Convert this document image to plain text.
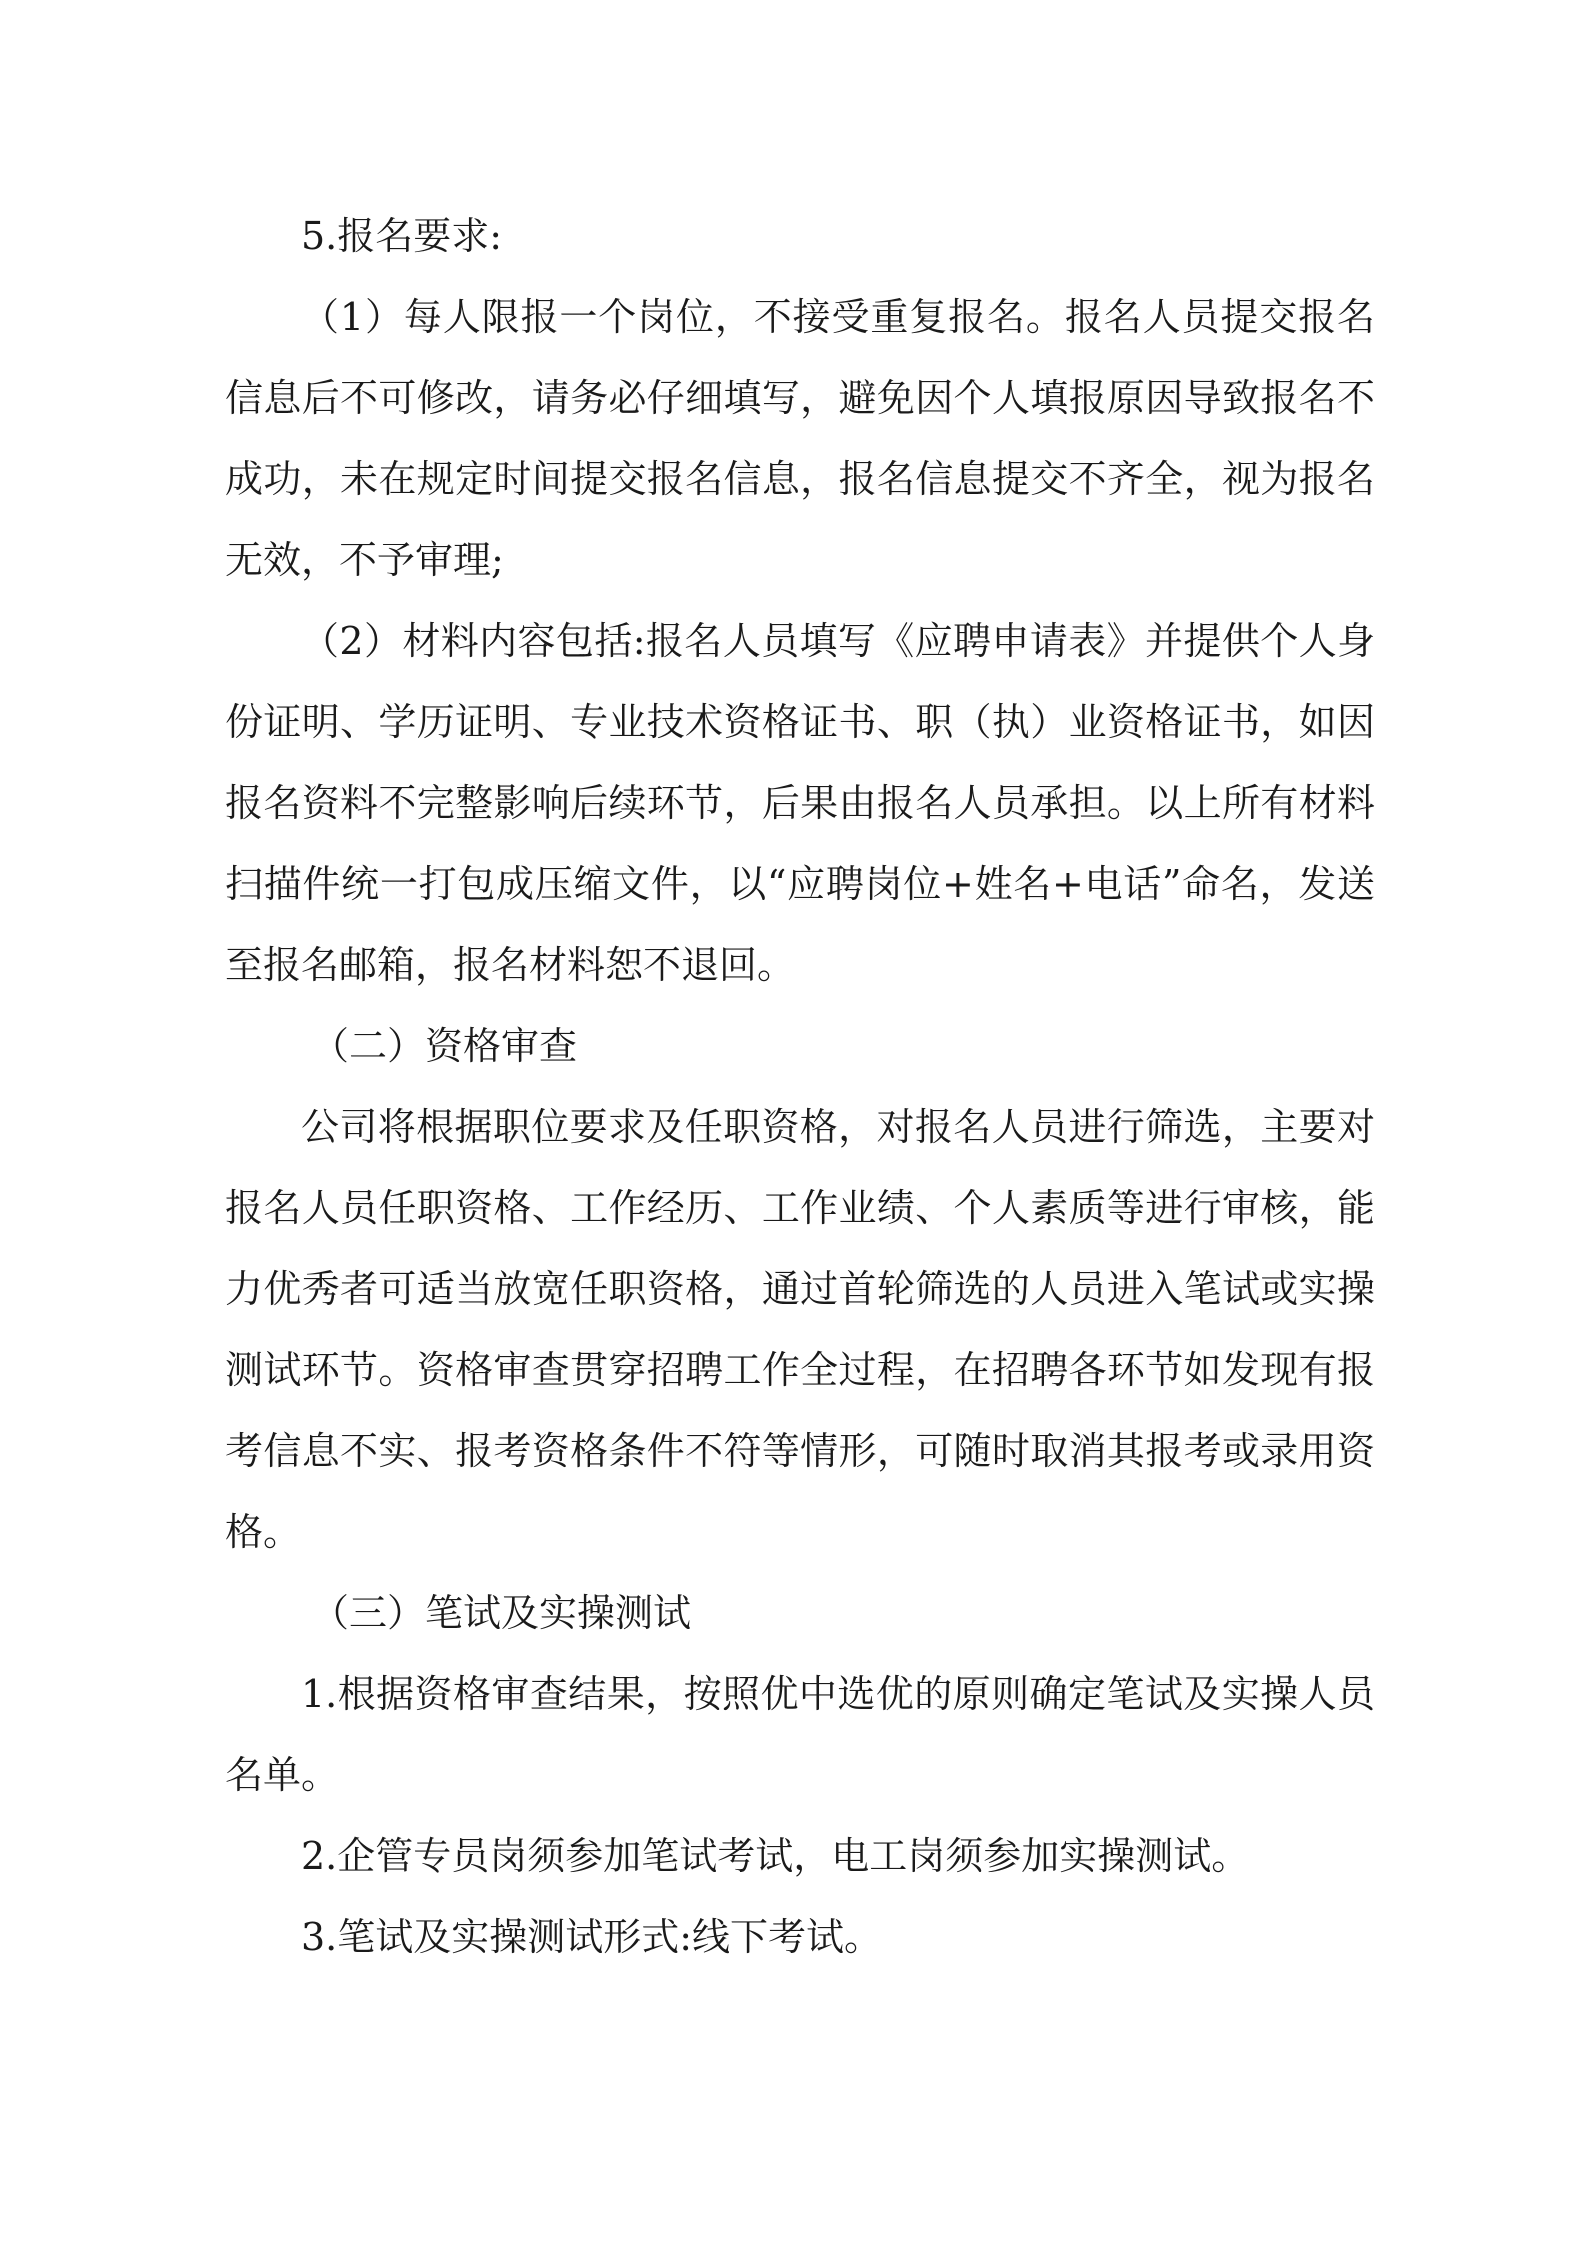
5.报名要求:

（1）每人限报一个岗位，不接受重复报名。报名人员提交报名信息后不可修改，请务必仔细填写，避免因个人填报原因导致报名不成功，未在规定时间提交报名信息，报名信息提交不齐全，视为报名无效，不予审理;

（2）材料内容包括:报名人员填写《应聘申请表》并提供个人身份证明、学历证明、专业技术资格证书、职（执）业资格证书，如因报名资料不完整影响后续环节，后果由报名人员承担。以上所有材料扫描件统一打包成压缩文件，以“应聘岗位+姓名+电话”命名，发送至报名邮箱，报名材料恕不退回。

（二）资格审查

公司将根据职位要求及任职资格，对报名人员进行筛选，主要对报名人员任职资格、工作经历、工作业绩、个人素质等进行审核，能力优秀者可适当放宽任职资格，通过首轮筛选的人员进入笔试或实操测试环节。资格审查贯穿招聘工作全过程，在招聘各环节如发现有报考信息不实、报考资格条件不符等情形，可随时取消其报考或录用资格。

（三）笔试及实操测试

1.根据资格审查结果，按照优中选优的原则确定笔试及实操人员名单。

2.企管专员岗须参加笔试考试，电工岗须参加实操测试。

3.笔试及实操测试形式:线下考试。
